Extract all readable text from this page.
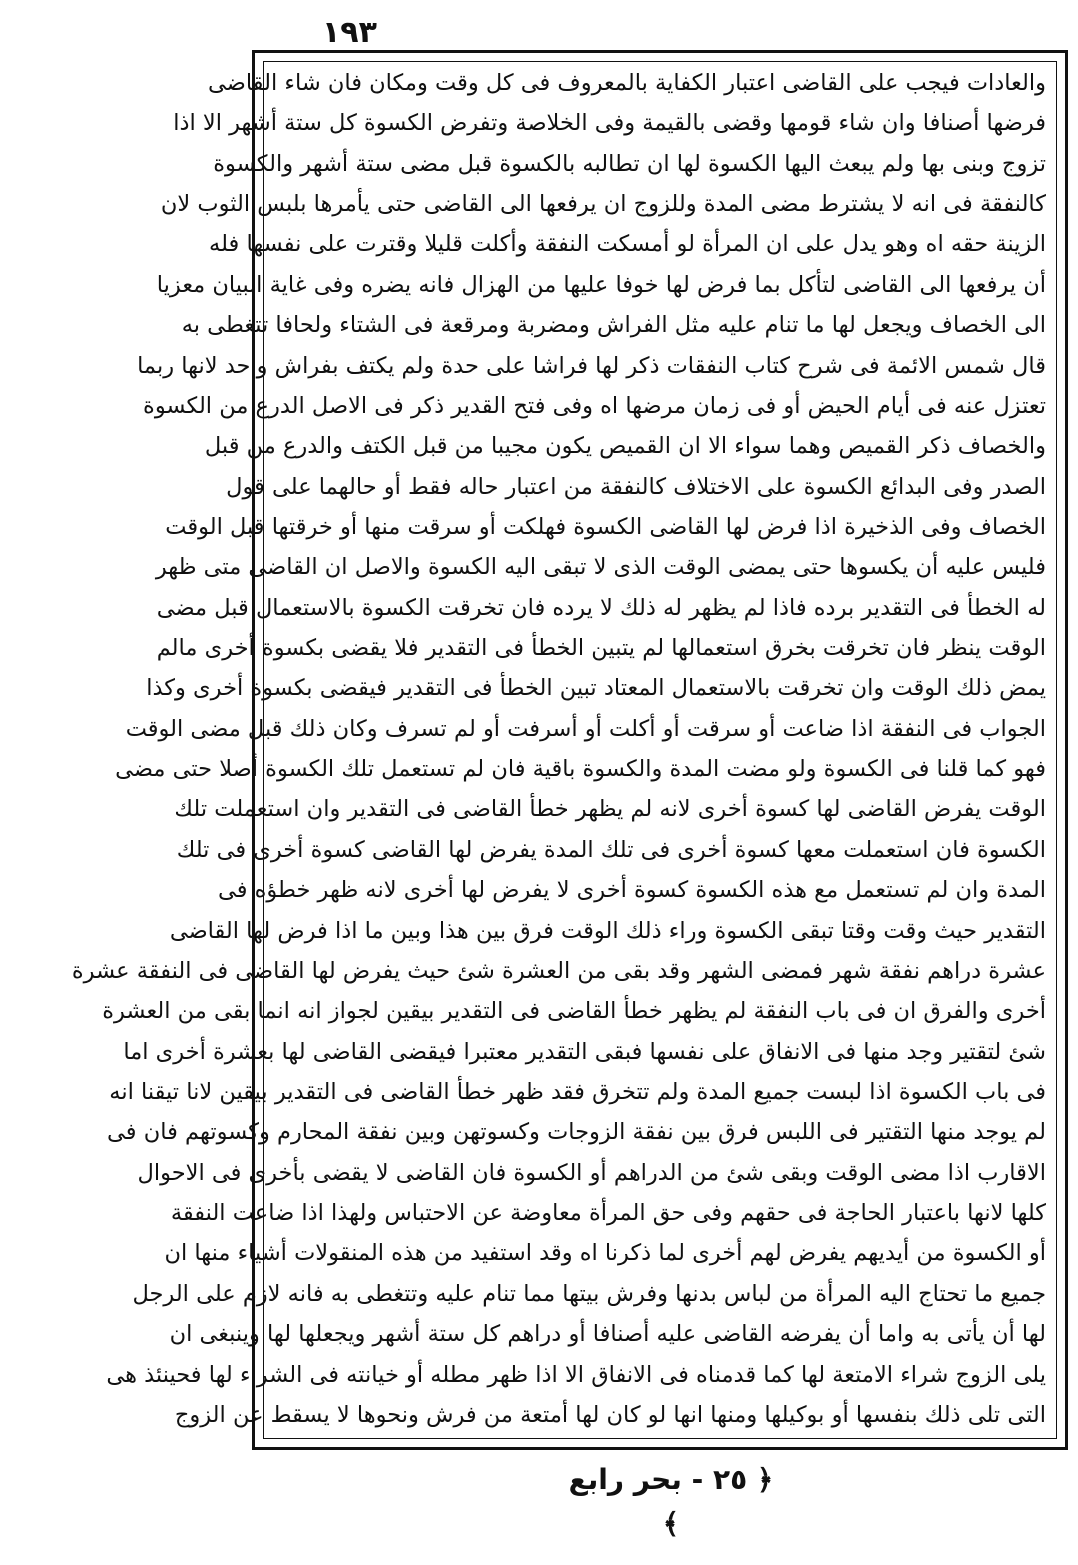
١٩٣
والعادات فيجب على القاضى اعتبار الكفاية بالمعروف فى كل وقت ومكان فان شاء القاضى
فرضها أصنافا وان شاء قومها وقضى بالقيمة وفى الخلاصة وتفرض الكسوة كل ستة أشهر الا اذا
تزوج وبنى بها ولم يبعث اليها الكسوة لها ان تطالبه بالكسوة قبل مضى ستة أشهر والكسوة
كالنفقة فى انه لا يشترط مضى المدة وللزوج ان يرفعها الى القاضى حتى يأمرها بلبس الثوب لان
الزينة حقه اه وهو يدل على ان المرأة لو أمسكت النفقة وأكلت قليلا وقترت على نفسها فله
أن يرفعها الى القاضى لتأكل بما فرض لها خوفا عليها من الهزال فانه يضره وفى غاية البيان معزيا
الى الخصاف ويجعل لها ما تنام عليه مثل الفراش ومضربة ومرقعة فى الشتاء ولحافا تتغطى به
قال شمس الائمة فى شرح كتاب النفقات ذكر لها فراشا على حدة ولم يكتف بفراش واحد لانها ربما
تعتزل عنه فى أيام الحيض أو فى زمان مرضها اه وفى فتح القدير ذكر فى الاصل الدرع من الكسوة
والخصاف ذكر القميص وهما سواء الا ان القميص يكون مجيبا من قبل الكتف والدرع من قبل
الصدر وفى البدائع الكسوة على الاختلاف كالنفقة من اعتبار حاله فقط أو حالهما على قول
الخصاف وفى الذخيرة اذا فرض لها القاضى الكسوة فهلكت أو سرقت منها أو خرقتها قبل الوقت
فليس عليه أن يكسوها حتى يمضى الوقت الذى لا تبقى اليه الكسوة والاصل ان القاضى متى ظهر
له الخطأ فى التقدير برده فاذا لم يظهر له ذلك لا يرده فان تخرقت الكسوة بالاستعمال قبل مضى
الوقت ينظر فان تخرقت بخرق استعمالها لم يتبين الخطأ فى التقدير فلا يقضى بكسوة أخرى مالم
يمض ذلك الوقت وان تخرقت بالاستعمال المعتاد تبين الخطأ فى التقدير فيقضى بكسوة أخرى وكذا
الجواب فى النفقة اذا ضاعت أو سرقت أو أكلت أو أسرفت أو لم تسرف وكان ذلك قبل مضى الوقت
فهو كما قلنا فى الكسوة ولو مضت المدة والكسوة باقية فان لم تستعمل تلك الكسوة أصلا حتى مضى
الوقت يفرض القاضى لها كسوة أخرى لانه لم يظهر خطأ القاضى فى التقدير وان استعملت تلك
الكسوة فان استعملت معها كسوة أخرى فى تلك المدة يفرض لها القاضى كسوة أخرى فى تلك
المدة وان لم تستعمل مع هذه الكسوة كسوة أخرى لا يفرض لها أخرى لانه ظهر خطؤه فى
التقدير حيث وقت وقتا تبقى الكسوة وراء ذلك الوقت فرق بين هذا وبين ما اذا فرض لها القاضى
عشرة دراهم نفقة شهر فمضى الشهر وقد بقى من العشرة شئ حيث يفرض لها القاضى فى النفقة عشرة
أخرى والفرق ان فى باب النفقة لم يظهر خطأ القاضى فى التقدير بيقين لجواز انه انما بقى من العشرة
شئ لتقتير وجد منها فى الانفاق على نفسها فبقى التقدير معتبرا فيقضى القاضى لها بعشرة أخرى اما
فى باب الكسوة اذا لبست جميع المدة ولم تتخرق فقد ظهر خطأ القاضى فى التقدير بيقين لانا تيقنا انه
لم يوجد منها التقتير فى اللبس فرق بين نفقة الزوجات وكسوتهن وبين نفقة المحارم وكسوتهم فان فى
الاقارب اذا مضى الوقت وبقى شئ من الدراهم أو الكسوة فان القاضى لا يقضى بأخرى فى الاحوال
كلها لانها باعتبار الحاجة فى حقهم وفى حق المرأة معاوضة عن الاحتباس ولهذا اذا ضاعت النفقة
أو الكسوة من أيديهم يفرض لهم أخرى لما ذكرنا اه وقد استفيد من هذه المنقولات أشياء منها ان
جميع ما تحتاج اليه المرأة من لباس بدنها وفرش بيتها مما تنام عليه وتتغطى به فانه لازم على الرجل
لها أن يأتى به واما أن يفرضه القاضى عليه أصنافا أو دراهم كل ستة أشهر ويجعلها لها وينبغى ان
يلى الزوج شراء الامتعة لها كما قدمناه فى الانفاق الا اذا ظهر مطله أو خيانته فى الشراء لها فحينئذ هى
التى تلى ذلك بنفسها أو بوكيلها ومنها انها لو كان لها أمتعة من فرش ونحوها لا يسقط عن الزوج
﴿ ٢٥ - بحر رابع ﴾
